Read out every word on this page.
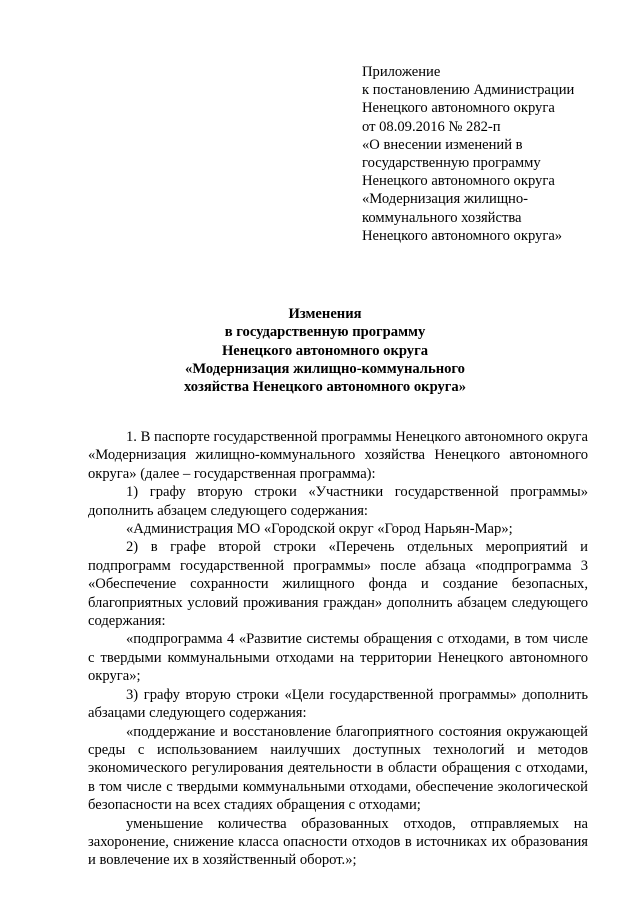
Приложение
к постановлению Администрации
Ненецкого автономного округа
от 08.09.2016 № 282-п
«О внесении изменений в
государственную программу
Ненецкого автономного округа
«Модернизация жилищно-
коммунального хозяйства
Ненецкого автономного округа»
Изменения
в государственную программу
Ненецкого автономного округа
«Модернизация жилищно-коммунального
хозяйства Ненецкого автономного округа»

1. В паспорте государственной программы Ненецкого автономного округа «Модернизация жилищно-коммунального хозяйства Ненецкого автономного округа» (далее – государственная программа):

1) графу вторую строки «Участники государственной программы» дополнить абзацем следующего содержания:

«Администрация МО «Городской округ «Город Нарьян-Мар»;

2) в графе второй строки «Перечень отдельных мероприятий и подпрограмм государственной программы» после абзаца «подпрограмма 3 «Обеспечение сохранности жилищного фонда и создание безопасных, благоприятных условий проживания граждан» дополнить абзацем следующего содержания:

«подпрограмма 4 «Развитие системы обращения с отходами, в том числе с твердыми коммунальными отходами на территории Ненецкого автономного округа»;

3) графу вторую строки «Цели государственной программы» дополнить абзацами следующего содержания:

«поддержание и восстановление благоприятного состояния окружающей среды с использованием наилучших доступных технологий и методов экономического регулирования деятельности в области обращения с отходами, в том числе с твердыми коммунальными отходами, обеспечение экологической безопасности на всех стадиях обращения с отходами;

уменьшение количества образованных отходов, отправляемых на захоронение, снижение класса опасности отходов в источниках их образования и вовлечение их в хозяйственный оборот.»;
